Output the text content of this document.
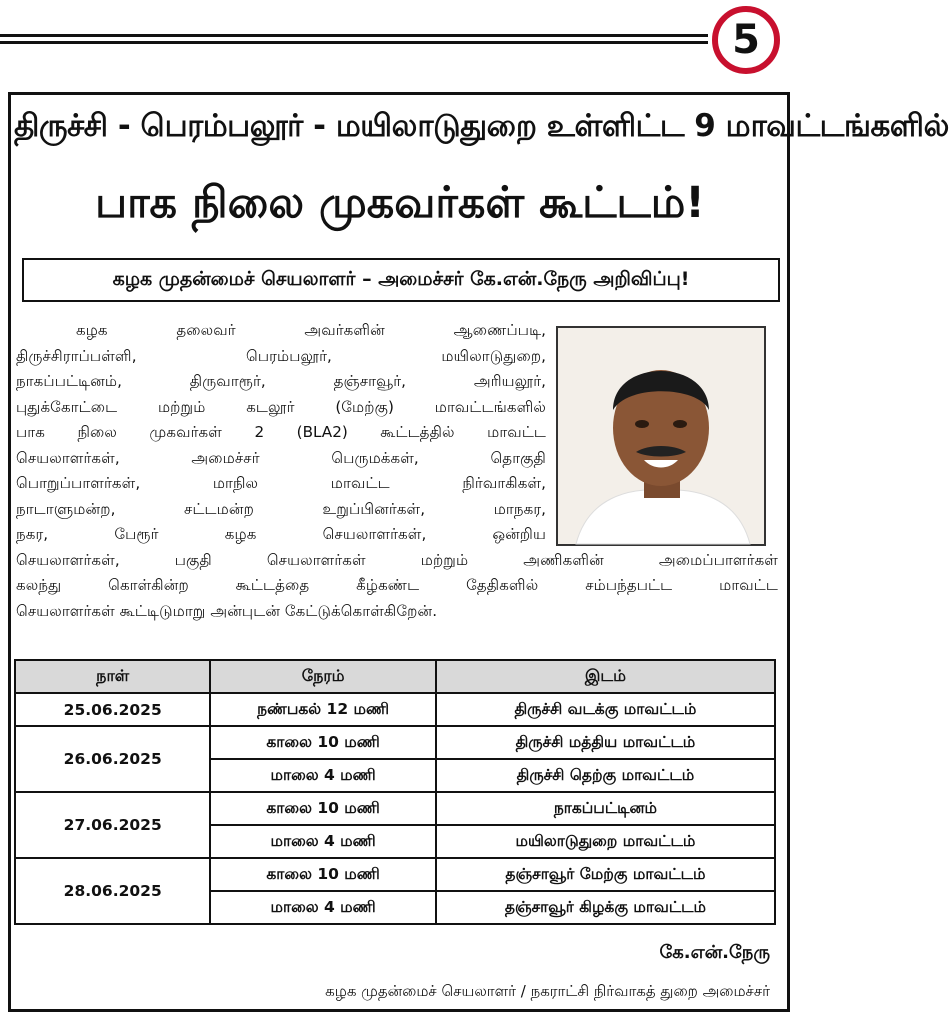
5
திருச்சி - பெரம்பலூர் - மயிலாடுதுறை உள்ளிட்ட 9 மாவட்டங்களில்
பாக நிலை முகவர்கள் கூட்டம்!
கழக முதன்மைச் செயலாளர் – அமைச்சர் கே.என்.நேரு அறிவிப்பு!
கழக தலைவர் அவர்களின் ஆணைப்படி,
திருச்சிராப்பள்ளி, பெரம்பலூர், மயிலாடுதுறை,
நாகப்பட்டினம், திருவாரூர், தஞ்சாவூர், அரியலூர்,
புதுக்கோட்டை மற்றும் கடலூர் (மேற்கு) மாவட்டங்களில்
பாக நிலை முகவர்கள் 2 (BLA2) கூட்டத்தில் மாவட்ட
செயலாளர்கள், அமைச்சர் பெருமக்கள், தொகுதி
பொறுப்பாளர்கள், மாநில மாவட்ட நிர்வாகிகள்,
நாடாளுமன்ற, சட்டமன்ற உறுப்பினர்கள், மாநகர,
நகர, பேரூர் கழக செயலாளர்கள், ஒன்றிய
செயலாளர்கள், பகுதி செயலாளர்கள் மற்றும் அணிகளின் அமைப்பாளர்கள்
கலந்து கொள்கின்ற கூட்டத்தை கீழ்கண்ட தேதிகளில் சம்பந்தபட்ட மாவட்ட
செயலாளர்கள் கூட்டிடுமாறு அன்புடன் கேட்டுக்கொள்கிறேன்.
நாள்	நேரம்	இடம்
25.06.2025	நண்பகல் 12 மணி	திருச்சி வடக்கு மாவட்டம்
26.06.2025	காலை 10 மணி	திருச்சி மத்திய மாவட்டம்
	மாலை 4 மணி	திருச்சி தெற்கு மாவட்டம்
27.06.2025	காலை 10 மணி	நாகப்பட்டினம்
	மாலை 4 மணி	மயிலாடுதுறை மாவட்டம்
28.06.2025	காலை 10 மணி	தஞ்சாவூர் மேற்கு மாவட்டம்
	மாலை 4 மணி	தஞ்சாவூர் கிழக்கு மாவட்டம்
கே.என்.நேரு
கழக முதன்மைச் செயலாளர் / நகராட்சி நிர்வாகத் துறை அமைச்சர்
